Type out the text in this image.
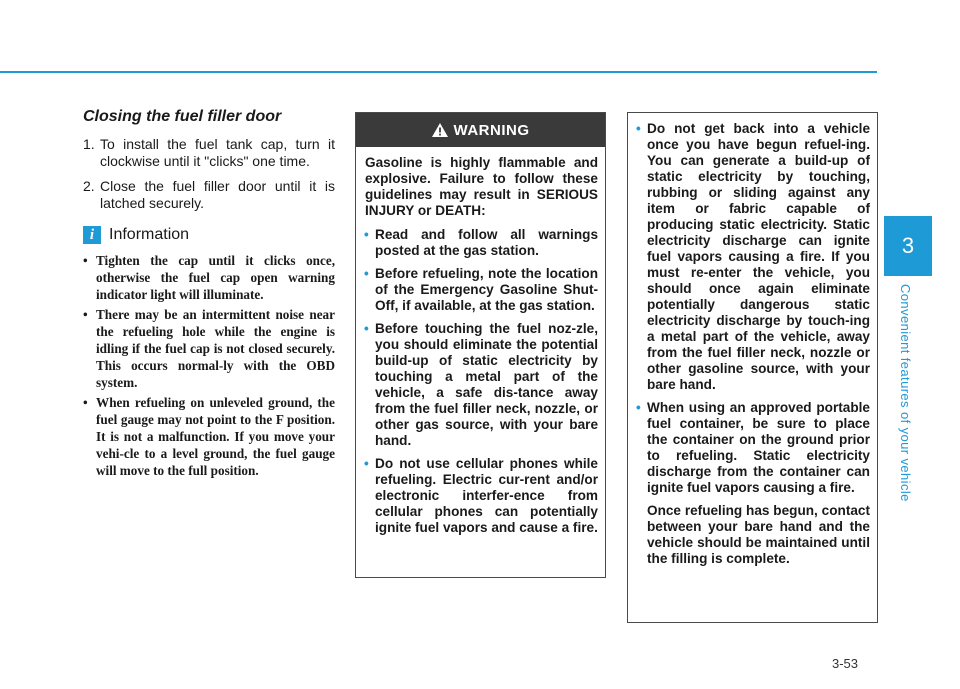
Closing the fuel filler door
1. To install the fuel tank cap, turn it clockwise until it "clicks" one time.
2. Close the fuel filler door until it is latched securely.
i Information
• Tighten the cap until it clicks once, otherwise the fuel cap open warning indicator light will illuminate.
• There may be an intermittent noise near the refueling hole while the engine is idling if the fuel cap is not closed securely. This occurs normal-ly with the OBD system.
• When refueling on unleveled ground, the fuel gauge may not point to the F position. It is not a malfunction. If you move your vehi-cle to a level ground, the fuel gauge will move to the full position.
WARNING

Gasoline is highly flammable and explosive. Failure to follow these guidelines may result in SERIOUS INJURY or DEATH:

• Read and follow all warnings posted at the gas station.
• Before refueling, note the location of the Emergency Gasoline Shut-Off, if available, at the gas station.
• Before touching the fuel noz-zle, you should eliminate the potential build-up of static electricity by touching a metal part of the vehicle, a safe dis-tance away from the fuel filler neck, nozzle, or other gas source, with your bare hand.
• Do not use cellular phones while refueling. Electric cur-rent and/or electronic interfer-ence from cellular phones can potentially ignite fuel vapors and cause a fire.
• Do not get back into a vehicle once you have begun refuel-ing. You can generate a build-up of static electricity by touching, rubbing or sliding against any item or fabric capable of producing static electricity. Static electricity discharge can ignite fuel vapors causing a fire. If you must re-enter the vehicle, you should once again eliminate potentially dangerous static electricity discharge by touch-ing a metal part of the vehicle, away from the fuel filler neck, nozzle or other gasoline source, with your bare hand.
• When using an approved portable fuel container, be sure to place the container on the ground prior to refueling. Static electricity discharge from the container can ignite fuel vapors causing a fire.

Once refueling has begun, contact between your bare hand and the vehicle should be maintained until the filling is complete.

3
Convenient features of your vehicle
3-53
